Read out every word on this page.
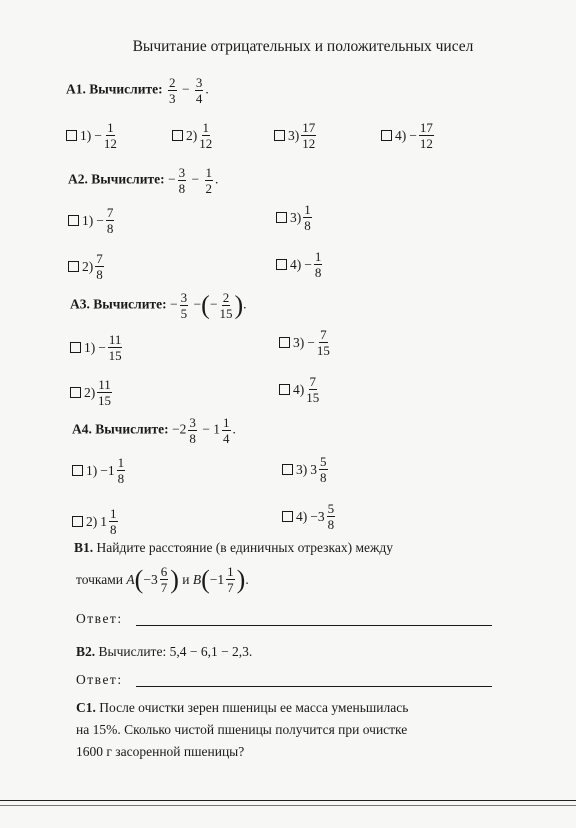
Вычитание отрицательных и положительных чисел
А1. Вычислите: $\frac{2}{3} - \frac{3}{4}$ .
$1) - \frac{1}{12}$	$2) \frac{1}{12}$	$3) \frac{17}{12}$	$4) - \frac{17}{12}$
А2. Вычислите: − $\frac{3}{8} - \frac{1}{2}$ .
$1) - \frac{7}{8}$
$2) \frac{7}{8}$
$3) \frac{1}{8}$
$4) - \frac{1}{8}$
А3. Вычислите: − $\frac{3}{5}$ −(− $\frac{2}{15}$ ).
$1) - \frac{11}{15}$
$2) \frac{11}{15}$
$3) - \frac{7}{15}$
$4) \frac{7}{15}$
А4. Вычислите: $-2 \frac{3}{8} - 1 \frac{1}{4}$ .
$1) -1 \frac{1}{8}$
2) $1 \frac{1}{8}$
3) $3 \frac{5}{8}$
$4) -3 \frac{5}{8}$
В1. Найдите расстояние (в единичных отрезках) между
точками
A ( $-3 \frac{6}{7}$ )
и
B ( $-1 \frac{1}{7}$ ) .
Ответ:
В2. Вычислите: 5,4 − 6,1 − 2,3.
Ответ:
С1. После очистки зерен пшеницы ее масса уменьшилась
на 15%. Сколько чистой пшеницы получится при очистке
1600 г засоренной пшеницы?
